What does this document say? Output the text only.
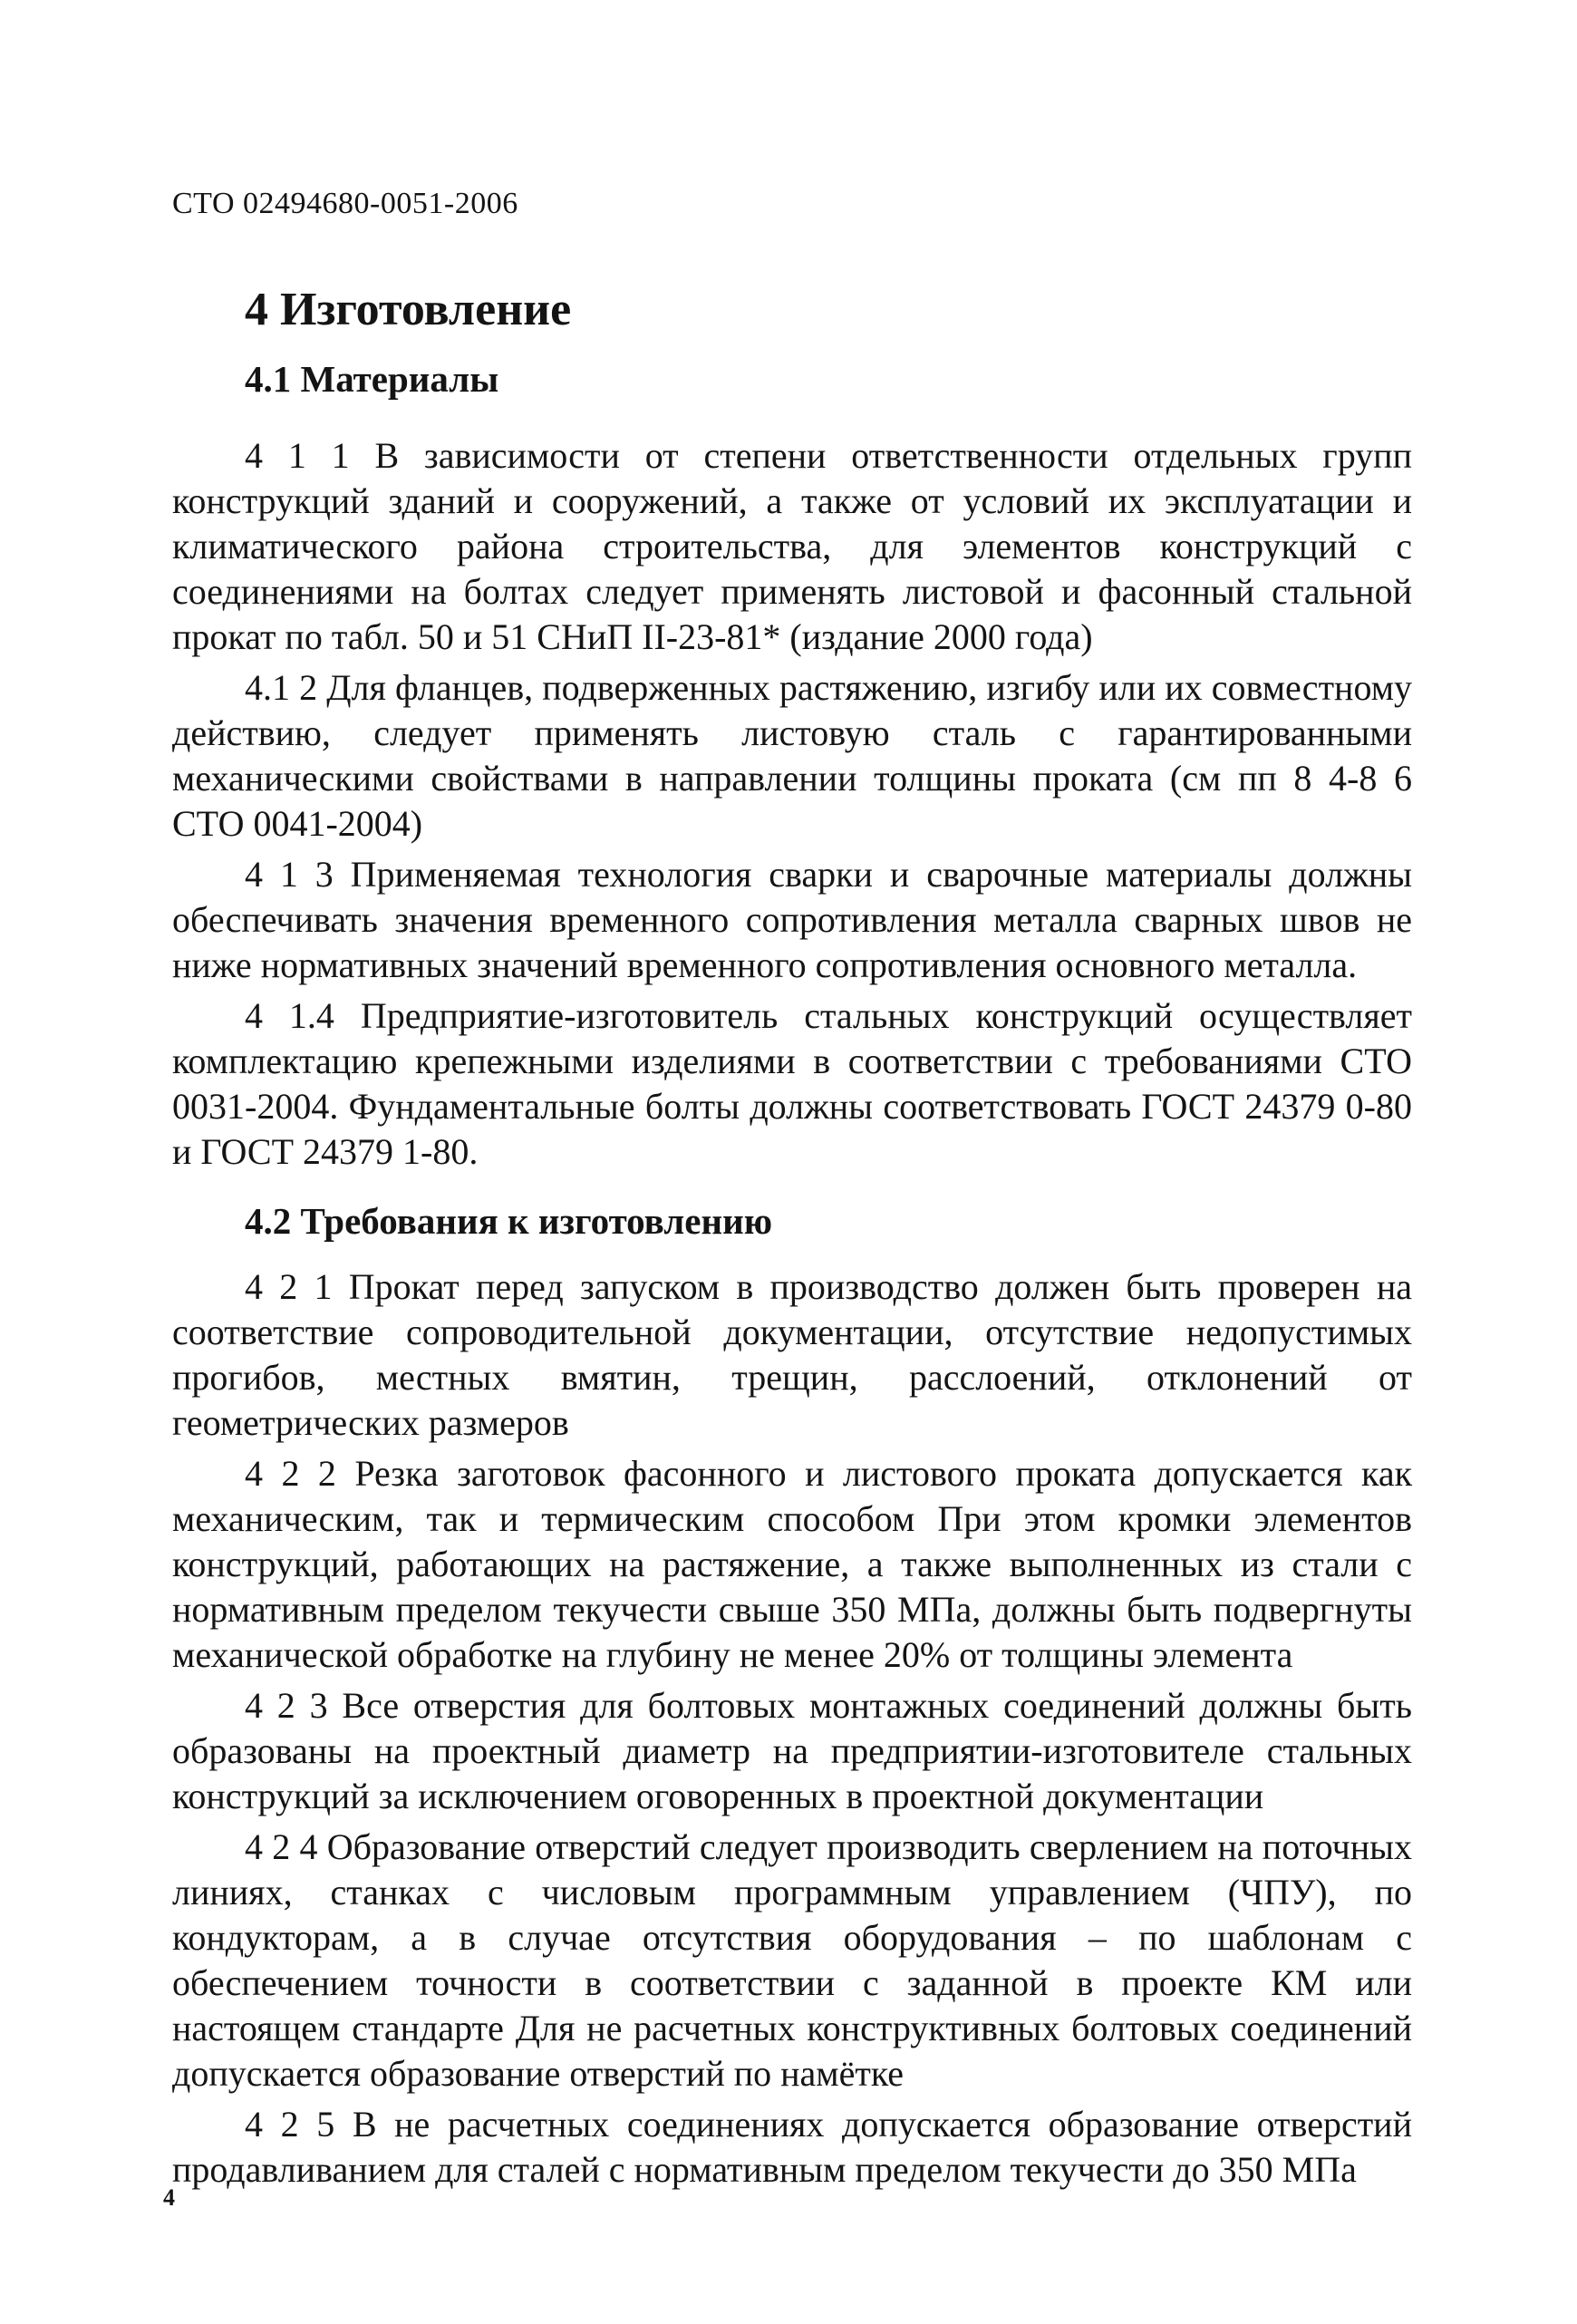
СТО 02494680-0051-2006
4 Изготовление
4.1 Материалы

4 1 1 В зависимости от степени ответственности отдельных групп конструкций зданий и сооружений, а также от условий их эксплуатации и климатического района строительства, для элементов конструкций с соединениями на болтах следует применять листовой и фасонный стальной прокат по табл. 50 и 51 СНиП II-23-81* (издание 2000 года)

4.1 2 Для фланцев, подверженных растяжению, изгибу или их совместному действию, следует применять листовую сталь с гарантированными механическими свойствами в направлении толщины проката (см пп 8 4-8 6 СТО 0041-2004)

4 1 3 Применяемая технология сварки и сварочные материалы должны обеспечивать значения временного сопротивления металла сварных швов не ниже нормативных значений временного сопротивления основного металла.

4 1.4 Предприятие-изготовитель стальных конструкций осуществляет комплектацию крепежными изделиями в соответствии с требованиями СТО 0031-2004. Фундаментальные болты должны соответствовать ГОСТ 24379 0-80 и ГОСТ 24379 1-80.

4.2 Требования к изготовлению

4 2 1 Прокат перед запуском в производство должен быть проверен на соответствие сопроводительной документации, отсутствие недопустимых прогибов, местных вмятин, трещин, расслоений, отклонений от геометрических размеров

4 2 2 Резка заготовок фасонного и листового проката допускается как механическим, так и термическим способом При этом кромки элементов конструкций, работающих на растяжение, а также выполненных из стали с нормативным пределом текучести свыше 350 МПа, должны быть подвергнуты механической обработке на глубину не менее 20% от толщины элемента

4 2 3 Все отверстия для болтовых монтажных соединений должны быть образованы на проектный диаметр на предприятии-изготовителе стальных конструкций за исключением оговоренных в проектной документации

4 2 4 Образование отверстий следует производить сверлением на поточных линиях, станках с числовым программным управлением (ЧПУ), по кондукторам, а в случае отсутствия оборудования – по шаблонам с обеспечением точности в соответствии с заданной в проекте КМ или настоящем стандарте Для не расчетных конструктивных болтовых соединений допускается образование отверстий по намётке

4 2 5 В не расчетных соединениях допускается образование отверстий продавливанием для сталей с нормативным пределом текучести до 350 МПа

4
